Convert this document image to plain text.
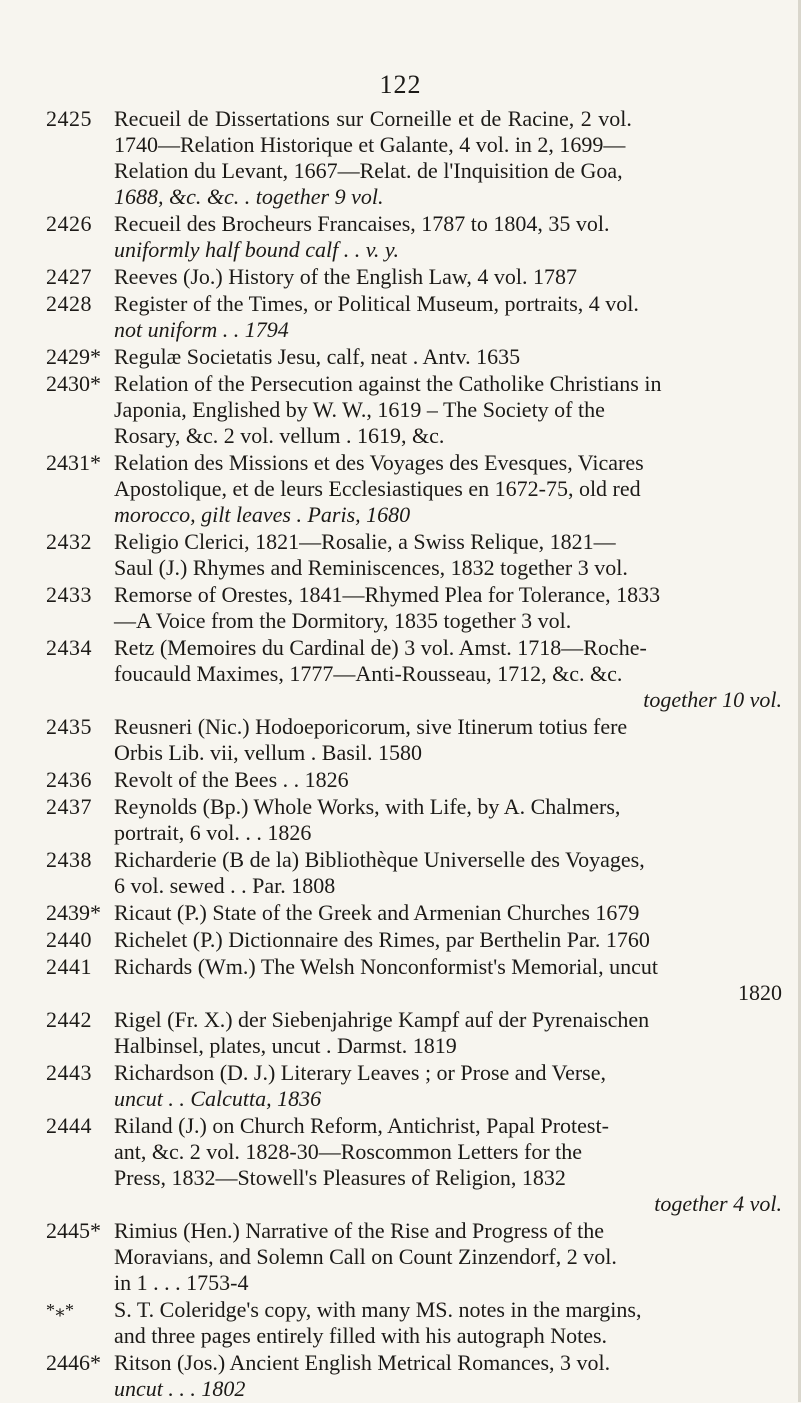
122
2425 Recueil de Dissertations sur Corneille et de Racine, 2 vol.
1740—Relation Historique et Galante, 4 vol. in 2, 1699—
Relation du Levant, 1667—Relat. de l'Inquisition de Goa,
1688, &c. &c. . together 9 vol.
2426 Recueil des Brocheurs Francaises, 1787 to 1804, 35 vol.
uniformly half bound calf . . v. y.
2427 Reeves (Jo.) History of the English Law, 4 vol. 1787
2428 Register of the Times, or Political Museum, portraits, 4 vol.
not uniform . . 1794
2429* Regulæ Societatis Jesu, calf, neat . Antv. 1635
2430* Relation of the Persecution against the Catholike Christians in
Japonia, Englished by W. W., 1619 – The Society of the
Rosary, &c. 2 vol. vellum . 1619, &c.
2431* Relation des Missions et des Voyages des Evesques, Vicares
Apostolique, et de leurs Ecclesiastiques en 1672-75, old red
morocco, gilt leaves . Paris, 1680
2432 Religio Clerici, 1821—Rosalie, a Swiss Relique, 1821—
Saul (J.) Rhymes and Reminiscences, 1832 together 3 vol.
2433 Remorse of Orestes, 1841—Rhymed Plea for Tolerance, 1833
—A Voice from the Dormitory, 1835 together 3 vol.
2434 Retz (Memoires du Cardinal de) 3 vol. Amst. 1718—Roche-
foucauld Maximes, 1777—Anti-Rousseau, 1712, &c. &c.
together 10 vol.
2435 Reusneri (Nic.) Hodoeporicorum, sive Itinerum totius fere
Orbis Lib. vii, vellum . Basil. 1580
2436 Revolt of the Bees . . 1826
2437 Reynolds (Bp.) Whole Works, with Life, by A. Chalmers,
portrait, 6 vol. . . 1826
2438 Richarderie (B de la) Bibliothèque Universelle des Voyages,
6 vol. sewed . . Par. 1808
2439* Ricaut (P.) State of the Greek and Armenian Churches 1679
2440 Richelet (P.) Dictionnaire des Rimes, par Berthelin Par. 1760
2441 Richards (Wm.) The Welsh Nonconformist's Memorial, uncut
1820
2442 Rigel (Fr. X.) der Siebenjahrige Kampf auf der Pyrenaischen
Halbinsel, plates, uncut . Darmst. 1819
2443 Richardson (D. J.) Literary Leaves ; or Prose and Verse,
uncut . . Calcutta, 1836
2444 Riland (J.) on Church Reform, Antichrist, Papal Protest-
ant, &c. 2 vol. 1828-30—Roscommon Letters for the
Press, 1832—Stowell's Pleasures of Religion, 1832
together 4 vol.
2445* Rimius (Hen.) Narrative of the Rise and Progress of the
Moravians, and Solemn Call on Count Zinzendorf, 2 vol.
in 1 . . . 1753-4
*⁎* S. T. Coleridge's copy, with many MS. notes in the margins,
and three pages entirely filled with his autograph Notes.
2446* Ritson (Jos.) Ancient English Metrical Romances, 3 vol.
uncut . . . 1802
